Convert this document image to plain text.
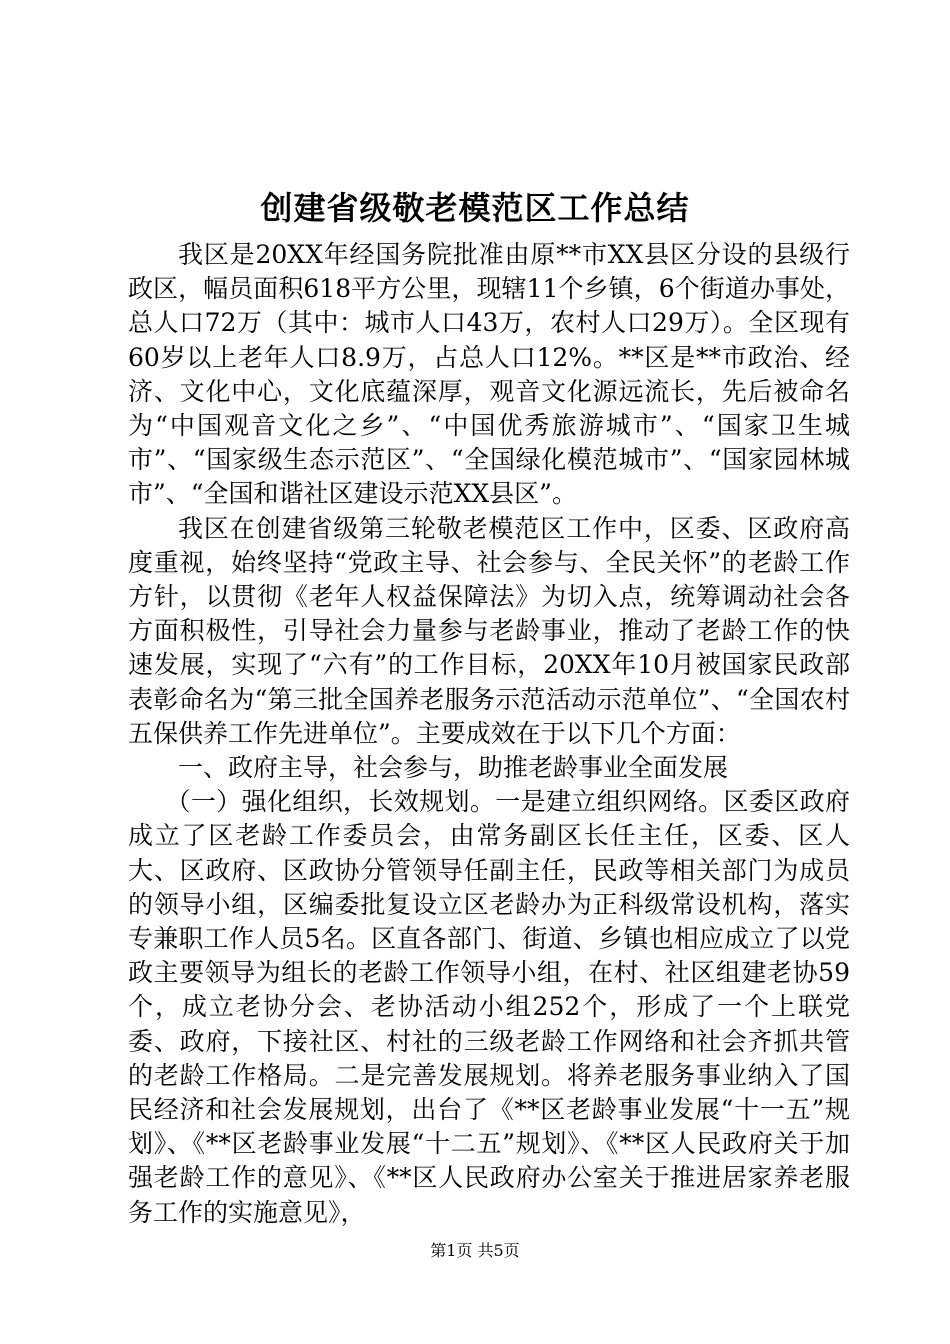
创建省级敬老模范区工作总结

我区是20XX年经国务院批准由原**市XX县区分设的县级行政区，幅员面积618平方公里，现辖11个乡镇，6个街道办事处，总人口72万（其中：城市人口43万，农村人口29万）。全区现有60岁以上老年人口8.9万，占总人口12%。**区是**市政治、经济、文化中心，文化底蕴深厚，观音文化源远流长，先后被命名为“中国观音文化之乡”、“中国优秀旅游城市”、“国家卫生城市”、“国家级生态示范区”、“全国绿化模范城市”、“国家园林城市”、“全国和谐社区建设示范XX县区”。

我区在创建省级第三轮敬老模范区工作中，区委、区政府高度重视，始终坚持“党政主导、社会参与、全民关怀”的老龄工作方针，以贯彻《老年人权益保障法》为切入点，统筹调动社会各方面积极性，引导社会力量参与老龄事业，推动了老龄工作的快速发展，实现了“六有”的工作目标，20XX年10月被国家民政部表彰命名为“第三批全国养老服务示范活动示范单位”、“全国农村五保供养工作先进单位”。主要成效在于以下几个方面：

一、政府主导，社会参与，助推老龄事业全面发展

（一）强化组织，长效规划。一是建立组织网络。区委区政府成立了区老龄工作委员会，由常务副区长任主任，区委、区人大、区政府、区政协分管领导任副主任，民政等相关部门为成员的领导小组，区编委批复设立区老龄办为正科级常设机构，落实专兼职工作人员5名。区直各部门、街道、乡镇也相应成立了以党政主要领导为组长的老龄工作领导小组，在村、社区组建老协59个，成立老协分会、老协活动小组252个，形成了一个上联党委、政府，下接社区、村社的三级老龄工作网络和社会齐抓共管的老龄工作格局。二是完善发展规划。将养老服务事业纳入了国民经济和社会发展规划，出台了《**区老龄事业发展“十一五”规划》、《**区老龄事业发展“十二五”规划》、《**区人民政府关于加强老龄工作的意见》、《**区人民政府办公室关于推进居家养老服务工作的实施意见》，

第1页 共5页
